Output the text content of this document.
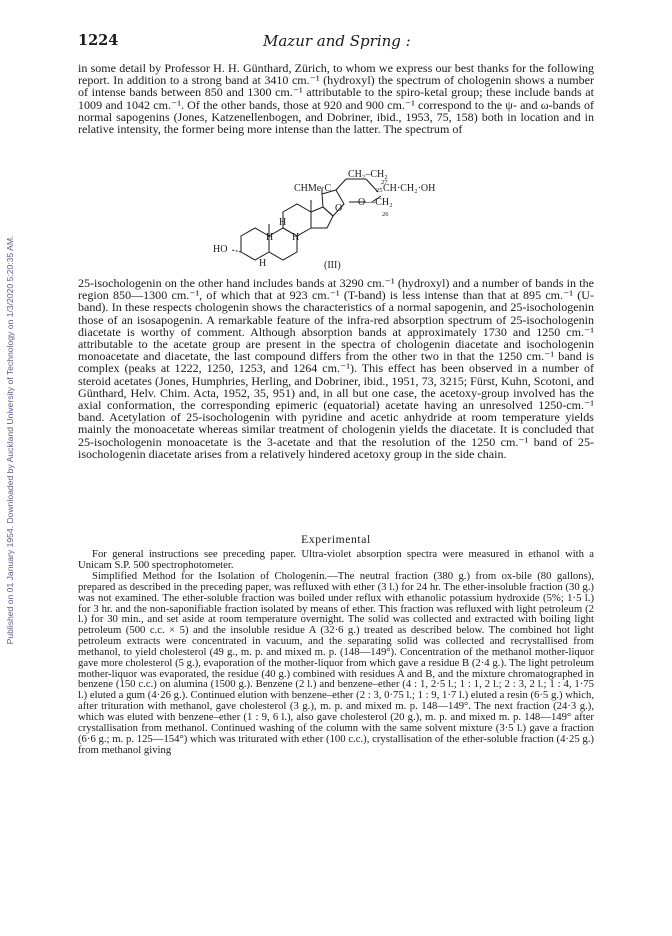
Published on 01 January 1954. Downloaded by Auckland University of Technology on 1/3/2020 5:20:35 AM.
1224	Mazur and Spring :

in some detail by Professor H. H. Günthard, Zürich, to whom we express our best thanks for the following report. In addition to a strong band at 3410 cm.⁻¹ (hydroxyl) the spectrum of chologenin shows a number of intense bands between 850 and 1300 cm.⁻¹ attributable to the spiro-ketal group; these include bands at 1009 and 1042 cm.⁻¹. Of the other bands, those at 920 and 900 cm.⁻¹ correspond to the ψ- and ω-bands of normal sapogenins (Jones, Katzenellenbogen, and Dobriner, ibid., 1953, 75, 158) both in location and in relative intensity, the former being more intense than the latter. The spectrum of

CH₂–CH₂
CHMe·C
27
25 CH·CH₂·OH
O—CH₂
26
O
H
H H
H
HO
(III)

25-isochologenin on the other hand includes bands at 3290 cm.⁻¹ (hydroxyl) and a number of bands in the region 850—1300 cm.⁻¹, of which that at 923 cm.⁻¹ (T-band) is less intense than that at 895 cm.⁻¹ (U-band). In these respects chologenin shows the characteristics of a normal sapogenin, and 25-isochologenin those of an isosapogenin. A remarkable feature of the infra-red absorption spectrum of 25-isochologenin diacetate is worthy of comment. Although absorption bands at approximately 1730 and 1250 cm.⁻¹ attributable to the acetate group are present in the spectra of chologenin diacetate and isochologenin monoacetate and diacetate, the last compound differs from the other two in that the 1250 cm.⁻¹ band is complex (peaks at 1222, 1250, 1253, and 1264 cm.⁻¹). This effect has been observed in a number of steroid acetates (Jones, Humphries, Herling, and Dobriner, ibid., 1951, 73, 3215; Fürst, Kuhn, Scotoni, and Günthard, Helv. Chim. Acta, 1952, 35, 951) and, in all but one case, the acetoxy-group involved has the axial conformation, the corresponding epimeric (equatorial) acetate having an unresolved 1250-cm.⁻¹ band. Acetylation of 25-isochologenin with pyridine and acetic anhydride at room temperature yields mainly the monoacetate whereas similar treatment of chologenin yields the diacetate. It is concluded that 25-isochologenin monoacetate is the 3-acetate and that the resolution of the 1250 cm.⁻¹ band of 25-isochologenin diacetate arises from a relatively hindered acetoxy group in the side chain.

Experimental

For general instructions see preceding paper. Ultra-violet absorption spectra were measured in ethanol with a Unicam S.P. 500 spectrophotometer.

Simplified Method for the Isolation of Chologenin.—The neutral fraction (380 g.) from ox-bile (80 gallons), prepared as described in the preceding paper, was refluxed with ether (3 l.) for 24 hr. The ether-insoluble fraction (30 g.) was not examined. The ether-soluble fraction was boiled under reflux with ethanolic potassium hydroxide (5%; 1·5 l.) for 3 hr. and the non-saponifiable fraction isolated by means of ether. This fraction was refluxed with light petroleum (2 l.) for 30 min., and set aside at room temperature overnight. The solid was collected and extracted with boiling light petroleum (500 c.c. × 5) and the insoluble residue A (32·6 g.) treated as described below. The combined hot light petroleum extracts were concentrated in vacuum, and the separating solid was collected and recrystallised from methanol, to yield cholesterol (49 g., m. p. and mixed m. p. (148—149°). Concentration of the methanol mother-liquor gave more cholesterol (5 g.), evaporation of the mother-liquor from which gave a residue B (2·4 g.). The light petroleum mother-liquor was evaporated, the residue (40 g.) combined with residues A and B, and the mixture chromatographed in benzene (150 c.c.) on alumina (1500 g.). Benzene (2 l.) and benzene–ether (4 : 1, 2·5 l.; 1 : 1, 2 l.; 2 : 3, 2 l.; 1 : 4, 1·75 l.) eluted a gum (4·26 g.). Continued elution with benzene–ether (2 : 3, 0·75 l.; 1 : 9, 1·7 l.) eluted a resin (6·5 g.) which, after trituration with methanol, gave cholesterol (3 g.), m. p. and mixed m. p. 148—149°. The next fraction (24·3 g.), which was eluted with benzene–ether (1 : 9, 6 l.), also gave cholesterol (20 g.), m. p. and mixed m. p. 148—149° after crystallisation from methanol. Continued washing of the column with the same solvent mixture (3·5 l.) gave a fraction (6·6 g.; m. p. 125—154°) which was triturated with ether (100 c.c.), crystallisation of the ether-soluble fraction (4·25 g.) from methanol giving
